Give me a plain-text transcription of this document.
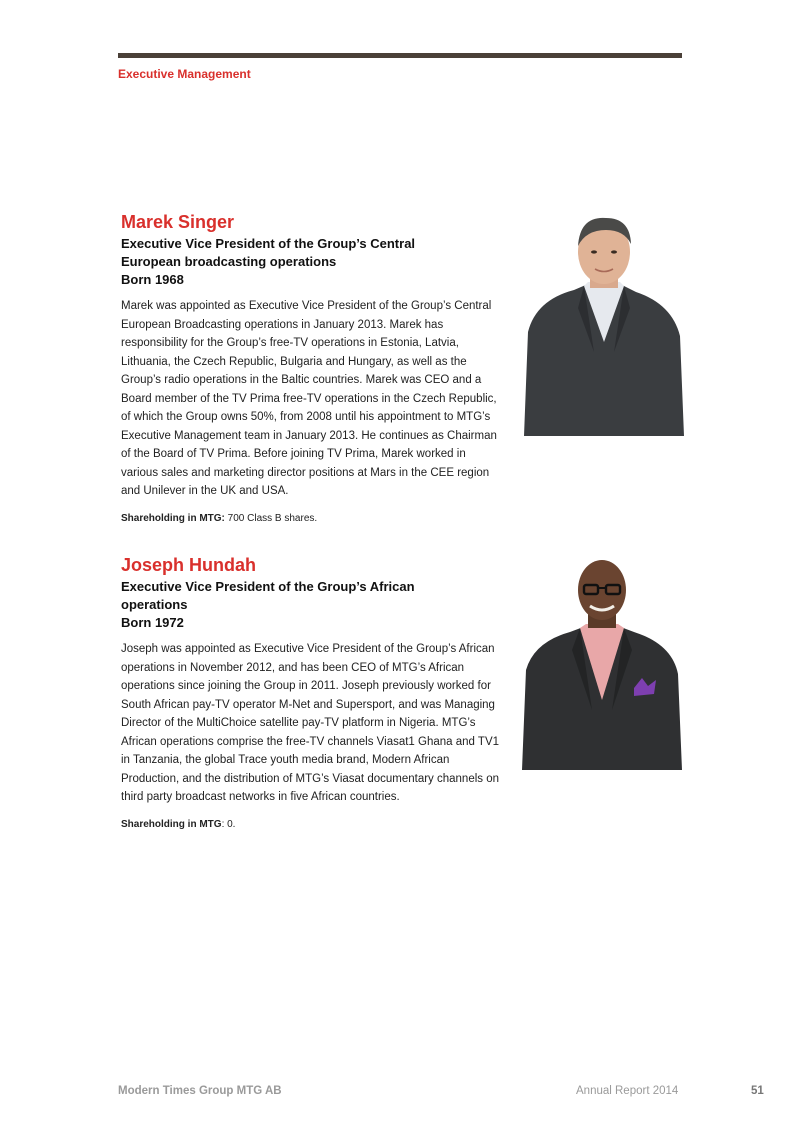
Executive Management
Marek Singer

Executive Vice President of the Group’s Central European broadcasting operations

Born 1968

Marek was appointed as Executive Vice President of the Group’s Central European Broadcasting operations in January 2013. Marek has responsibility for the Group’s free-TV operations in Estonia, Latvia, Lithuania, the Czech Republic, Bulgaria and Hungary, as well as the Group’s radio operations in the Baltic countries. Marek was CEO and a Board member of the TV Prima free-TV operations in the Czech Republic, of which the Group owns 50%, from 2008 until his appointment to MTG’s Executive Management team in January 2013. He continues as Chairman of the Board of TV Prima. Before joining TV Prima, Marek worked in various sales and marketing director positions at Mars in the CEE region and Unilever in the UK and USA.

Shareholding in MTG: 700 Class B shares.

Joseph Hundah

Executive Vice President of the Group’s African operations

Born 1972

Joseph was appointed as Executive Vice President of the Group’s African operations in November 2012, and has been CEO of MTG’s African operations since joining the Group in 2011. Joseph previously worked for South African pay-TV operator M-Net and Supersport, and was Managing Director of the MultiChoice satellite pay-TV platform in Nigeria. MTG’s African operations comprise the free-TV channels Viasat1 Ghana and TV1 in Tanzania, the global Trace youth media brand, Modern African Production, and the distribution of MTG’s Viasat documentary channels on third party broadcast networks in five African countries.

Shareholding in MTG: 0.

Modern Times Group MTG AB	Annual Report 2014	51
